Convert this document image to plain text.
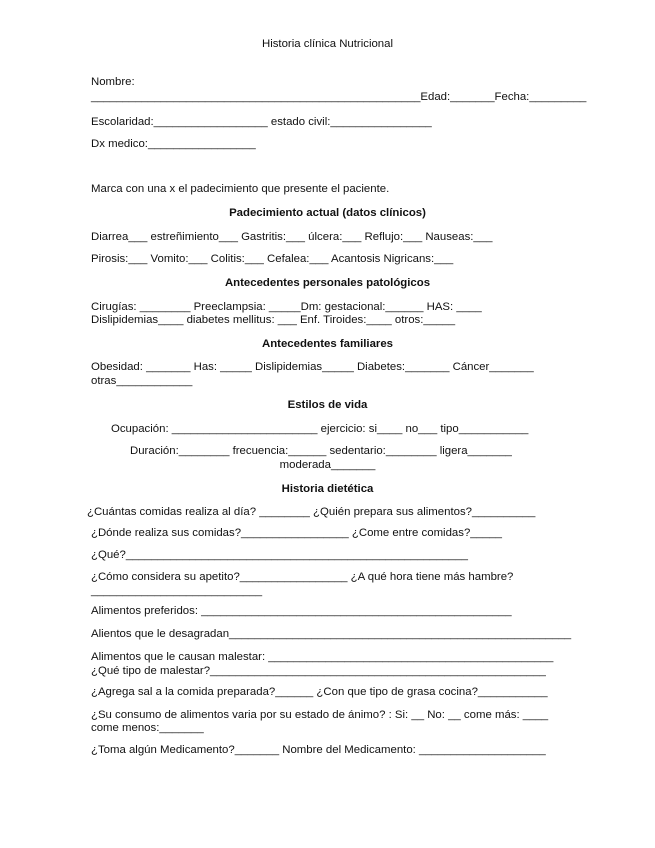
Historia clínica Nutricional
Nombre:
____________________________________________________Edad:_______Fecha:_________
Escolaridad:__________________ estado civil:________________
Dx medico:_________________
Marca con una x el padecimiento que presente el paciente.
Padecimiento actual (datos clínicos)
Diarrea___ estreñimiento___ Gastritis:___ úlcera:___ Reflujo:___ Nauseas:___
Pirosis:___ Vomito:___ Colitis:___ Cefalea:___ Acantosis Nigricans:___
Antecedentes personales patológicos
Cirugías: ________ Preeclampsia: _____Dm: gestacional:______ HAS: ____
Dislipidemias____ diabetes mellitus: ___ Enf. Tiroides:____ otros:_____
Antecedentes familiares
Obesidad: _______ Has: _____ Dislipidemias_____ Diabetes:_______ Cáncer_______
otras____________
Estilos de vida
Ocupación: _______________________ ejercicio: si____ no___ tipo___________
Duración:________ frecuencia:______ sedentario:________ ligera_______
moderada_______
Historia dietética
¿Cuántas comidas realiza al día? ________ ¿Quién prepara sus alimentos?__________
¿Dónde realiza sus comidas?_________________ ¿Come entre comidas?_____
¿Qué?______________________________________________________
¿Cómo considera su apetito?_________________ ¿A qué hora tiene más hambre?
___________________________
Alimentos preferidos: _________________________________________________
Alientos que le desagradan______________________________________________________
Alimentos que le causan malestar: _____________________________________________
¿Qué tipo de malestar?_____________________________________________________
¿Agrega sal a la comida preparada?______ ¿Con que tipo de grasa cocina?___________
¿Su consumo de alimentos varia por su estado de ánimo? : Si: __ No: __ come más: ____
come menos:_______
¿Toma algún Medicamento?_______ Nombre del Medicamento: ____________________
